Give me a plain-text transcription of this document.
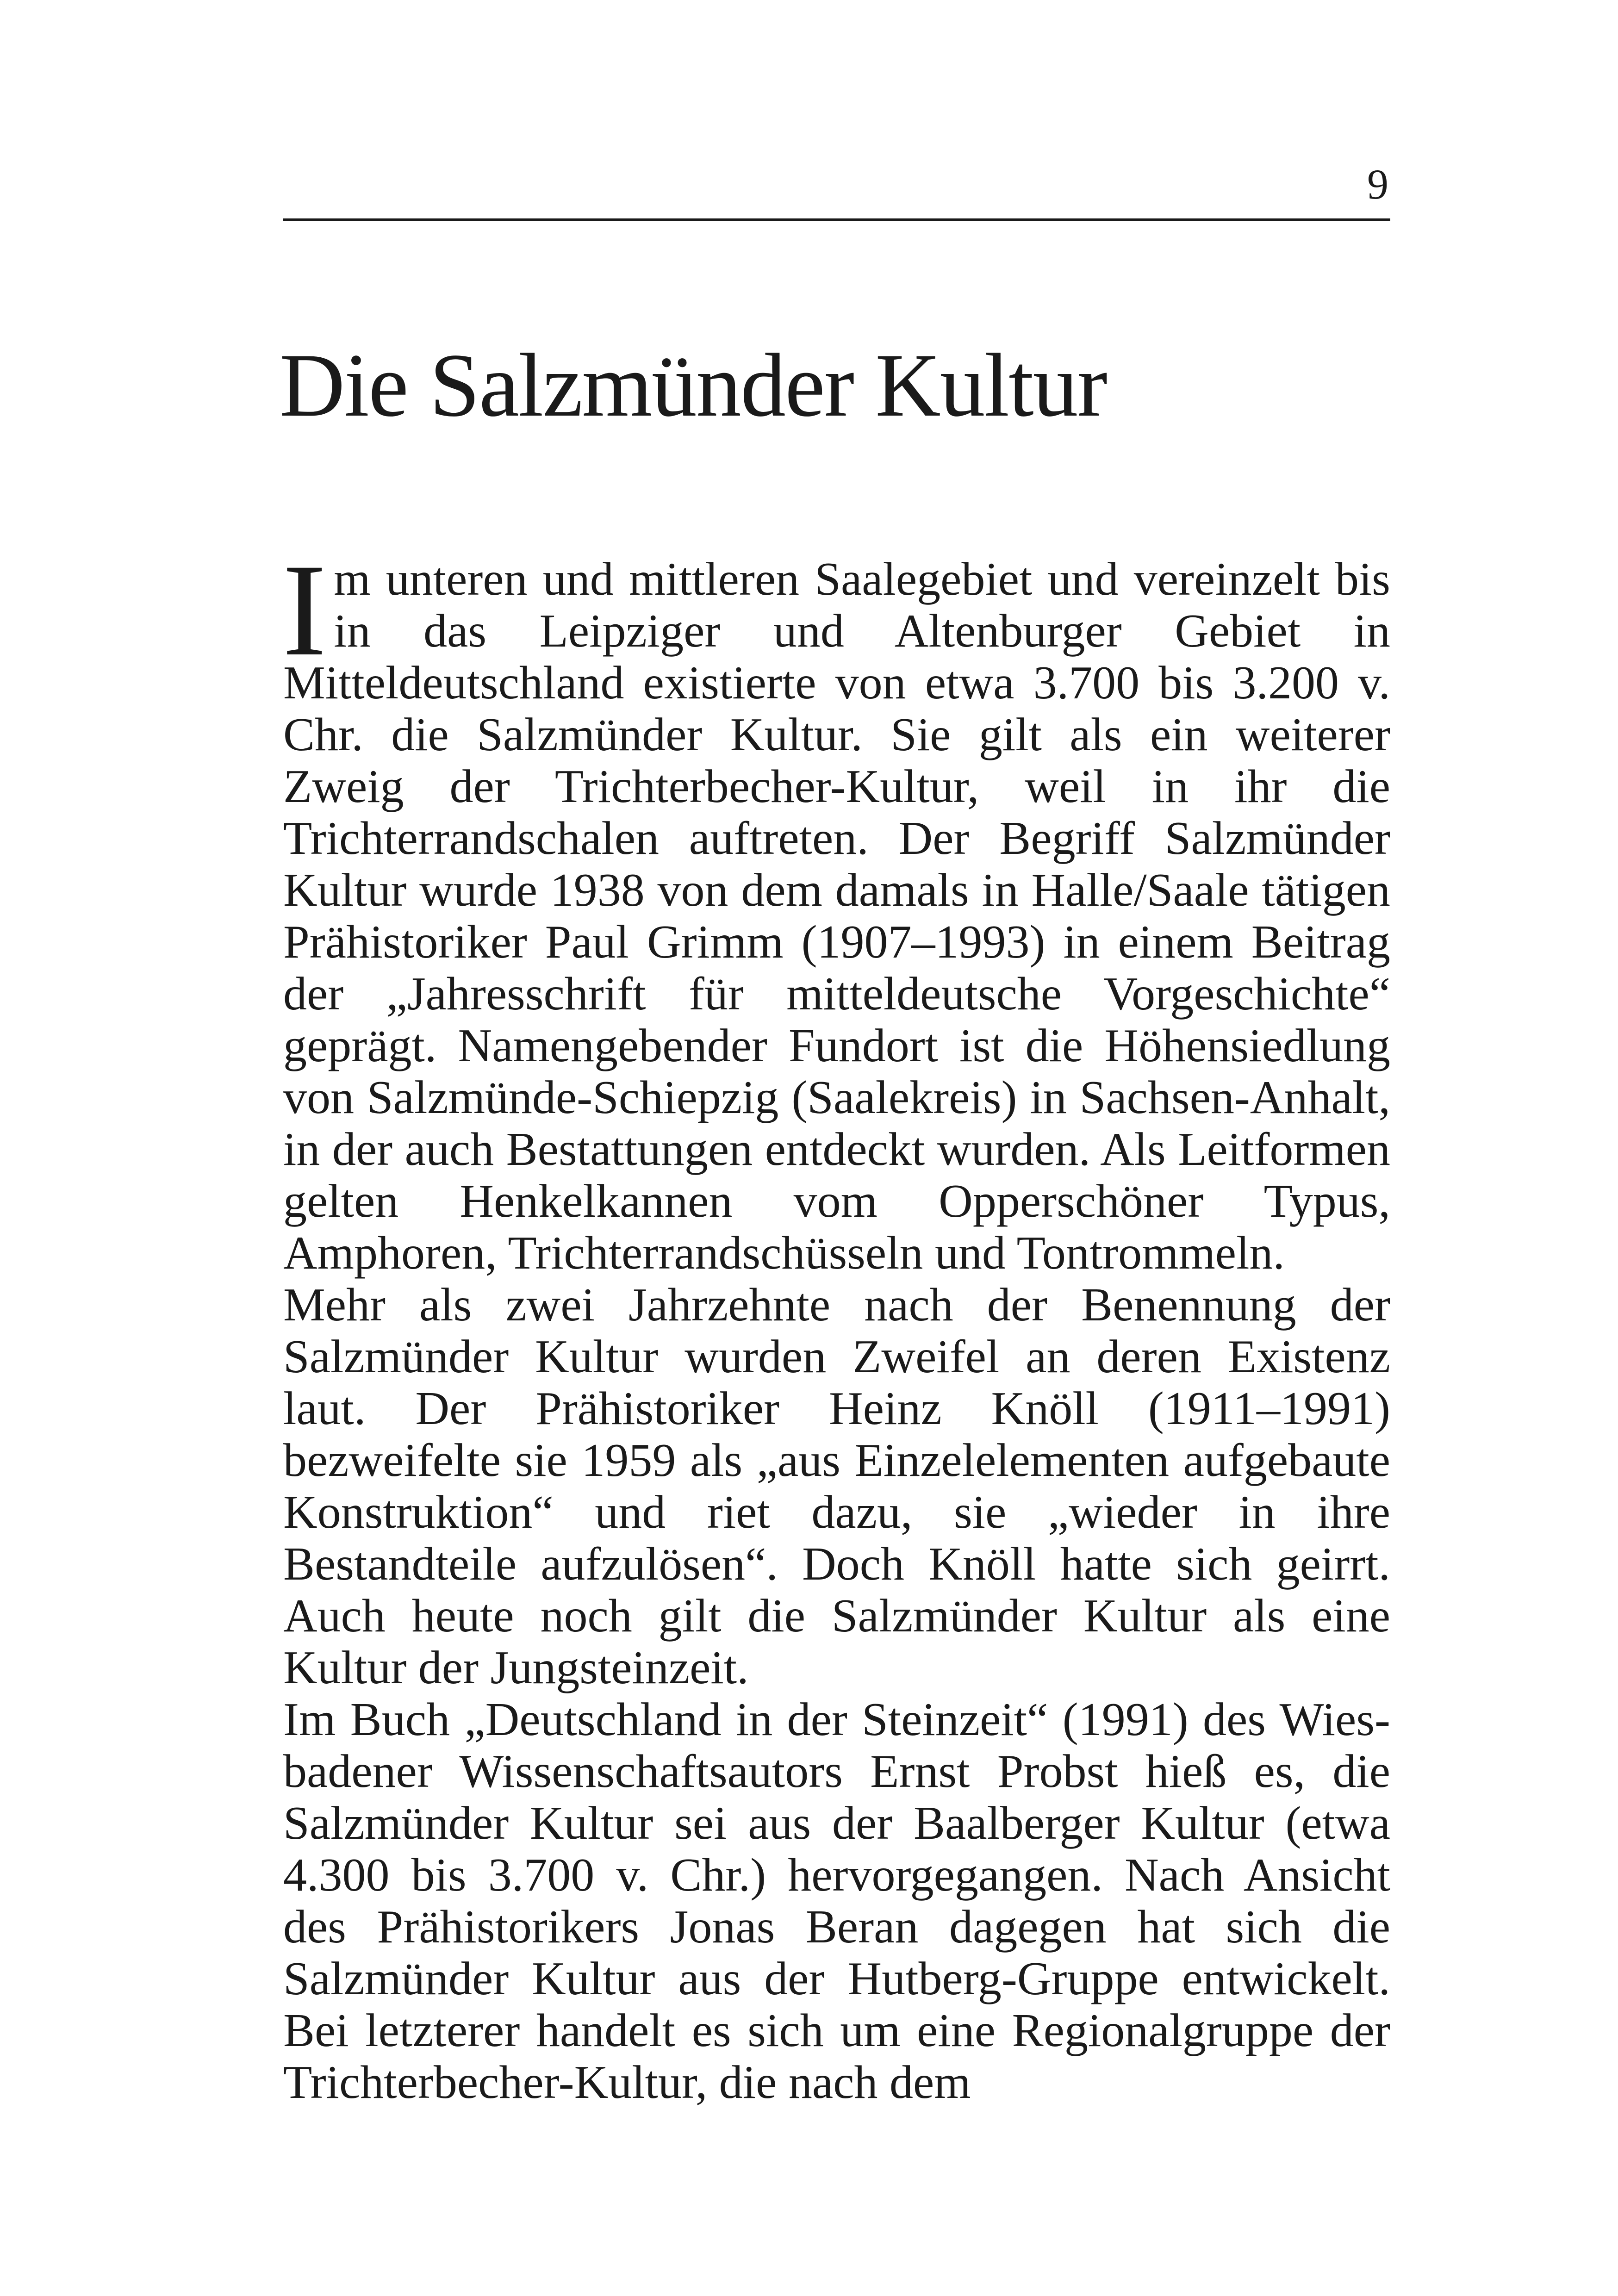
9
Die Salzmünder Kultur

Im unteren und mittleren Saalegebiet und vereinzelt bis in das Leipziger und Altenburger Gebiet in Mitteldeutschland existierte von etwa 3.700 bis 3.200 v. Chr. die Salzmünder Kultur. Sie gilt als ein weiterer Zweig der Trichterbecher-Kultur, weil in ihr die Trichterrandschalen auftreten. Der Begriff Salzmünder Kultur wurde 1938 von dem damals in Halle/Saale tätigen Prähistoriker Paul Grimm (1907–1993) in einem Beitrag der „Jahresschrift für mitteldeutsche Vorgeschichte“ geprägt. Namengebender Fundort ist die Höhensiedlung von Salzmünde-Schiepzig (Saalekreis) in Sachsen-Anhalt, in der auch Bestattungen entdeckt wurden. Als Leitformen gelten Henkelkannen vom Opperschöner Typus, Amphoren, Trichterrandschüsseln und Tontrommeln.

Mehr als zwei Jahrzehnte nach der Benennung der Salzmünder Kultur wurden Zweifel an deren Existenz laut. Der Prähistoriker Heinz Knöll (1911–1991) bezweifelte sie 1959 als „aus Einzelelementen aufgebaute Konstruktion“ und riet dazu, sie „wieder in ihre Bestandteile aufzulösen“. Doch Knöll hatte sich geirrt. Auch heute noch gilt die Salzmünder Kultur als eine Kultur der Jungsteinzeit.

Im Buch „Deutschland in der Steinzeit“ (1991) des Wiesbadener Wissenschaftsautors Ernst Probst hieß es, die Salzmünder Kultur sei aus der Baalberger Kultur (etwa 4.300 bis 3.700 v. Chr.) hervorgegangen. Nach Ansicht des Prähistorikers Jonas Beran dagegen hat sich die Salzmünder Kultur aus der Hutberg-Gruppe entwickelt. Bei letzterer handelt es sich um eine Regionalgruppe der Trichterbecher-Kultur, die nach dem
